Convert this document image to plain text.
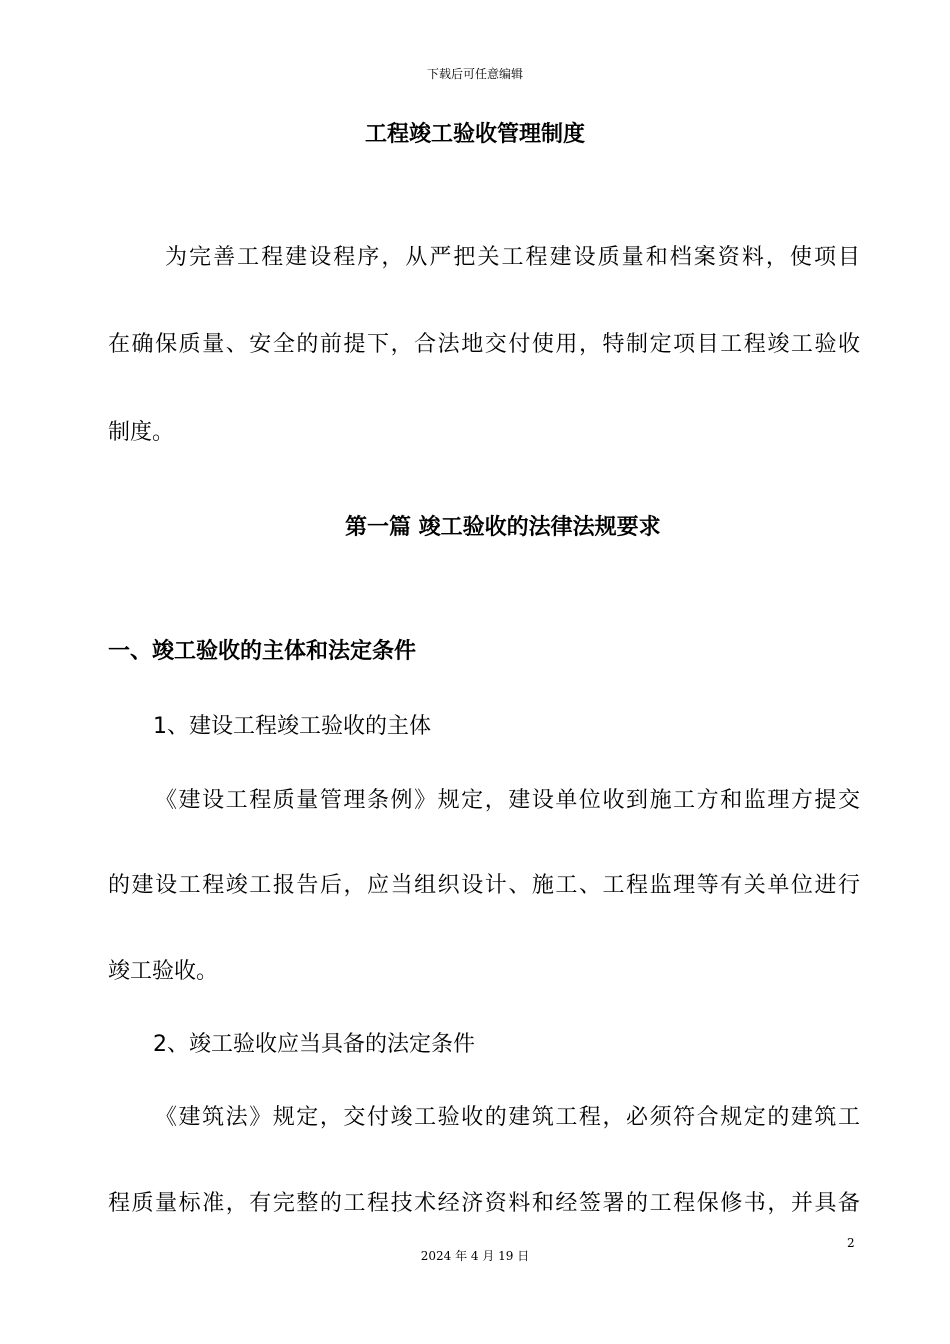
下载后可任意编辑
工程竣工验收管理制度
为完善工程建设程序，从严把关工程建设质量和档案资料，使项目
在确保质量、安全的前提下，合法地交付使用，特制定项目工程竣工验收
制度。
第一篇 竣工验收的法律法规要求
一、竣工验收的主体和法定条件
1、建设工程竣工验收的主体
《建设工程质量管理条例》规定，建设单位收到施工方和监理方提交
的建设工程竣工报告后，应当组织设计、施工、工程监理等有关单位进行
竣工验收。
2、竣工验收应当具备的法定条件
《建筑法》规定，交付竣工验收的建筑工程，必须符合规定的建筑工
程质量标准，有完整的工程技术经济资料和经签署的工程保修书，并具备
2
2024 年 4 月 19 日
